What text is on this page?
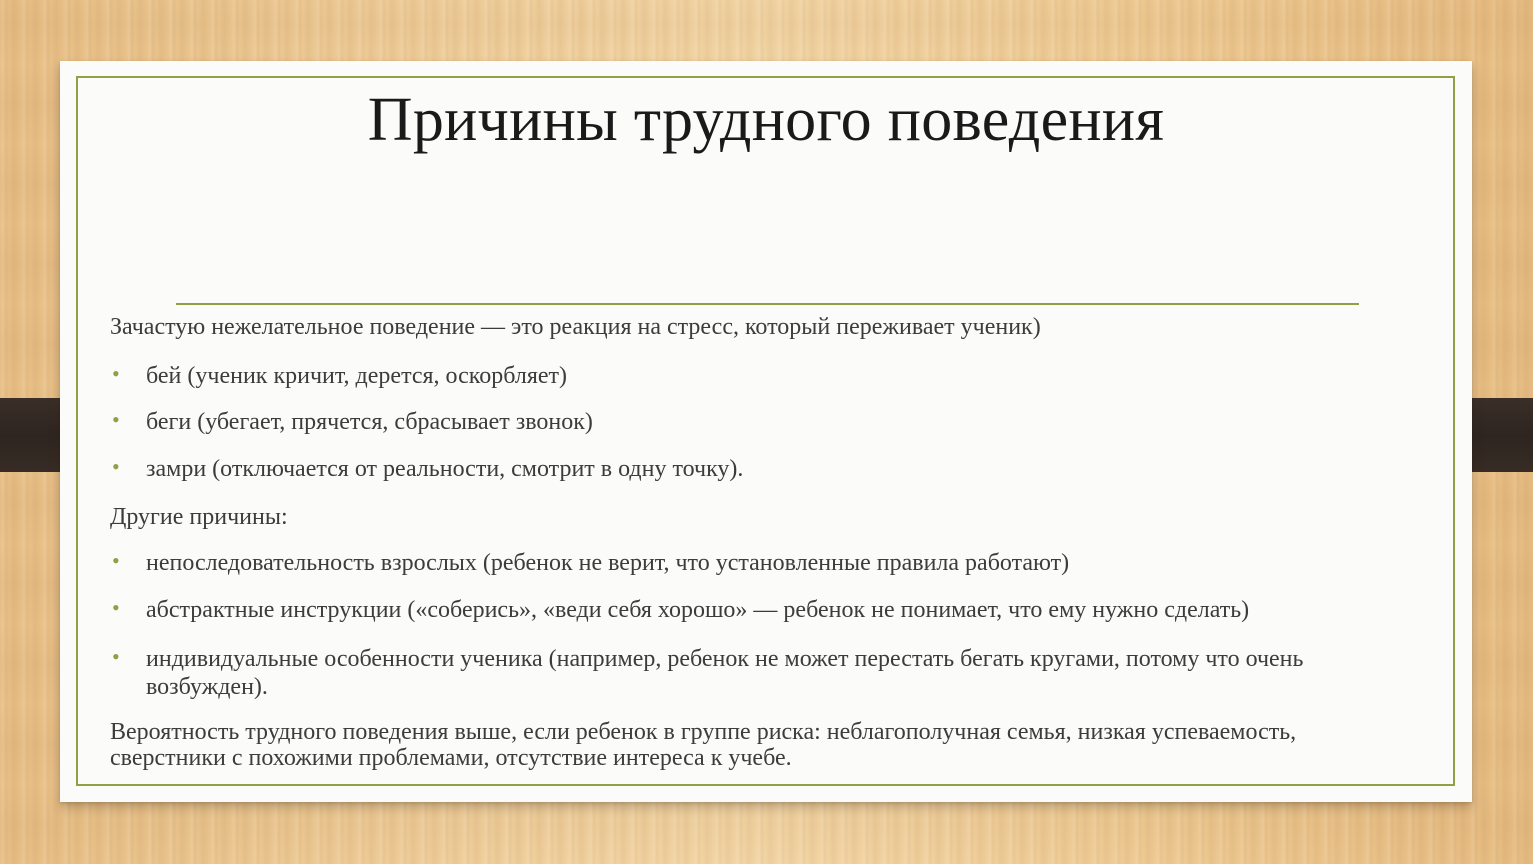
Причины трудного поведения

Зачастую нежелательное поведение — это реакция на стресс, который переживает ученик)

• бей (ученик кричит, дерется, оскорбляет)
• беги (убегает, прячется, сбрасывает звонок)
• замри (отключается от реальности, смотрит в одну точку).

Другие причины:

• непоследовательность взрослых (ребенок не верит, что установленные правила работают)
• абстрактные инструкции («соберись», «веди себя хорошо» — ребенок не понимает, что ему нужно сделать)
• индивидуальные особенности ученика (например, ребенок не может перестать бегать кругами, потому что очень возбужден).

Вероятность трудного поведения выше, если ребенок в группе риска: неблагополучная семья, низкая успеваемость, сверстники с похожими проблемами, отсутствие интереса к учебе.
